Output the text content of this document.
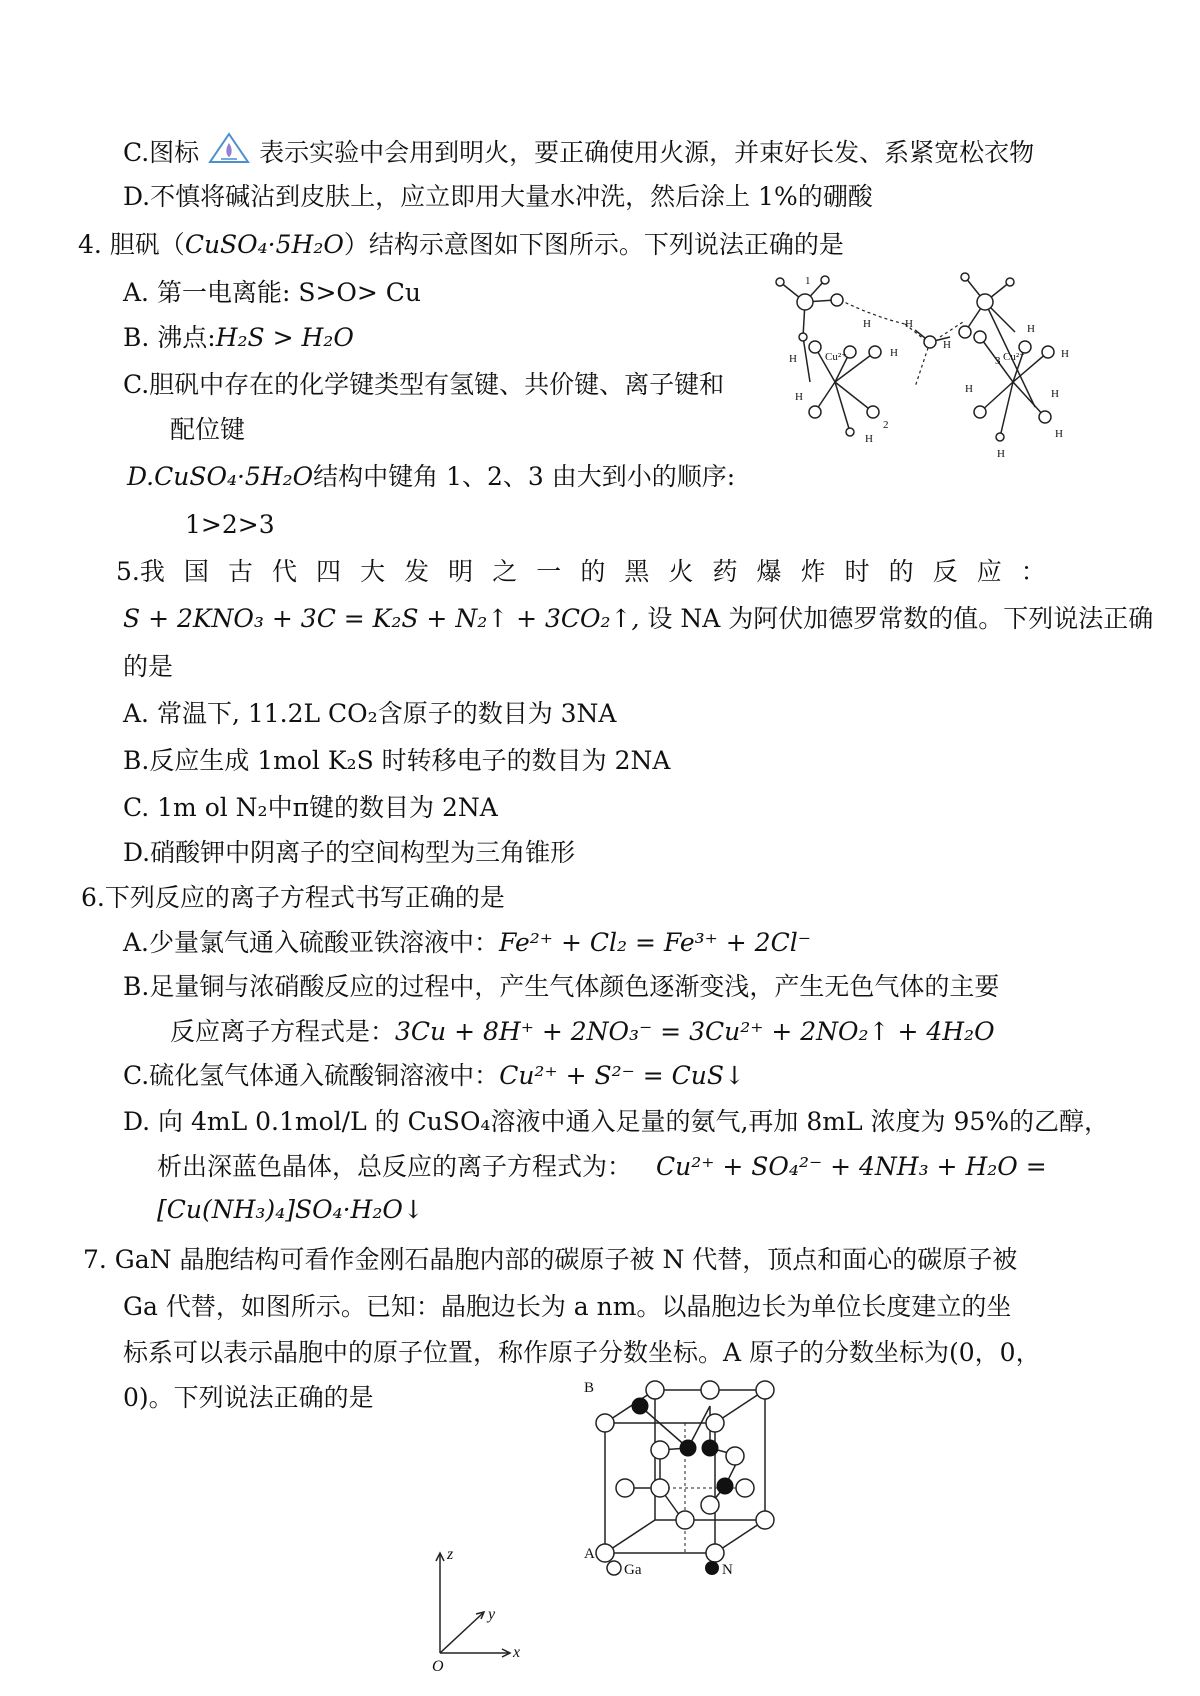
C.图标 表示实验中会用到明火，要正确使用火源，并束好长发、系紧宽松衣物
D.不慎将碱沾到皮肤上，应立即用大量水冲洗，然后涂上 1%的硼酸
4. 胆矾（CuSO₄·5H₂O）结构示意图如下图所示。下列说法正确的是
A. 第一电离能: S>O> Cu
B. 沸点:H₂S > H₂O
C.胆矾中存在的化学键类型有氢键、共价键、离子键和
配位键
D.CuSO₄·5H₂O结构中键角 1、2、3 由大到小的顺序:
1>2>3
Cu²⁺	Cu²⁺
1
2
3
H	H
H
H
H
H
H
H
H
H	H
H
H
5.我 国 古 代 四 大 发 明 之 一 的 黑 火 药 爆 炸 时 的 反 应 ：
S + 2KNO₃ + 3C = K₂S + N₂↑ + 3CO₂↑, 设 NA 为阿伏加德罗常数的值。下列说法正确
的是
A. 常温下, 11.2L CO₂含原子的数目为 3NA
B.反应生成 1mol K₂S 时转移电子的数目为 2NA
C. 1m ol N₂中π键的数目为 2NA
D.硝酸钾中阴离子的空间构型为三角锥形
6.下列反应的离子方程式书写正确的是
A.少量氯气通入硫酸亚铁溶液中：Fe²⁺ + Cl₂ = Fe³⁺ + 2Cl⁻
B.足量铜与浓硝酸反应的过程中，产生气体颜色逐渐变浅，产生无色气体的主要
反应离子方程式是：3Cu + 8H⁺ + 2NO₃⁻ = 3Cu²⁺ + 2NO₂↑ + 4H₂O
C.硫化氢气体通入硫酸铜溶液中：Cu²⁺ + S²⁻ = CuS↓
D. 向 4mL 0.1mol/L 的 CuSO₄溶液中通入足量的氨气,再加 8mL 浓度为 95%的乙醇，
析出深蓝色晶体，总反应的离子方程式为： Cu²⁺ + SO₄²⁻ + 4NH₃ + H₂O =
[Cu(NH₃)₄]SO₄·H₂O↓
7. GaN 晶胞结构可看作金刚石晶胞内部的碳原子被 N 代替，顶点和面心的碳原子被
Ga 代替，如图所示。已知：晶胞边长为 a nm。以晶胞边长为单位长度建立的坐
标系可以表示晶胞中的原子位置，称作原子分数坐标。A 原子的分数坐标为(0，0，
0)。下列说法正确的是
z
y
x
O
B
A
Ga	N
